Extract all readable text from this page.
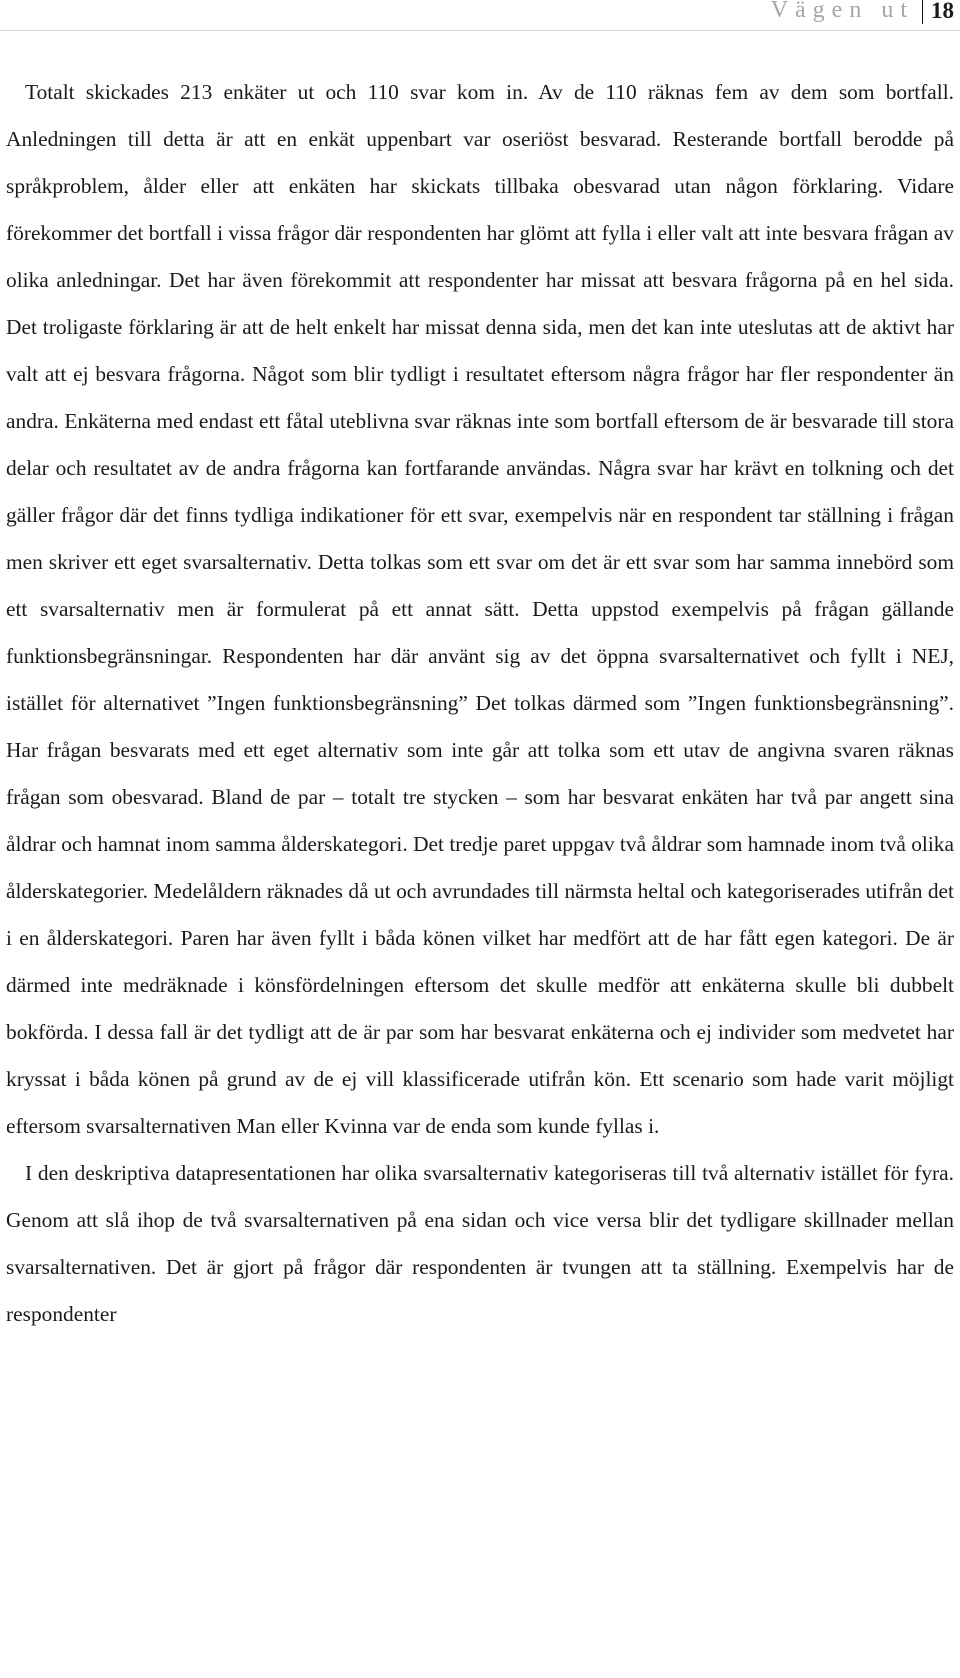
Vägen ut 18

Totalt skickades 213 enkäter ut och 110 svar kom in. Av de 110 räknas fem av dem som bortfall. Anledningen till detta är att en enkät uppenbart var oseriöst besvarad. Resterande bortfall berodde på språkproblem, ålder eller att enkäten har skickats tillbaka obesvarad utan någon förklaring. Vidare förekommer det bortfall i vissa frågor där respondenten har glömt att fylla i eller valt att inte besvara frågan av olika anledningar. Det har även förekommit att respondenter har missat att besvara frågorna på en hel sida. Det troligaste förklaring är att de helt enkelt har missat denna sida, men det kan inte uteslutas att de aktivt har valt att ej besvara frågorna. Något som blir tydligt i resultatet eftersom några frågor har fler respondenter än andra. Enkäterna med endast ett fåtal uteblivna svar räknas inte som bortfall eftersom de är besvarade till stora delar och resultatet av de andra frågorna kan fortfarande användas. Några svar har krävt en tolkning och det gäller frågor där det finns tydliga indikationer för ett svar, exempelvis när en respondent tar ställning i frågan men skriver ett eget svarsalternativ. Detta tolkas som ett svar om det är ett svar som har samma innebörd som ett svarsalternativ men är formulerat på ett annat sätt. Detta uppstod exempelvis på frågan gällande funktionsbegränsningar. Respondenten har där använt sig av det öppna svarsalternativet och fyllt i NEJ, istället för alternativet ”Ingen funktionsbegränsning” Det tolkas därmed som ”Ingen funktionsbegränsning”. Har frågan besvarats med ett eget alternativ som inte går att tolka som ett utav de angivna svaren räknas frågan som obesvarad. Bland de par – totalt tre stycken – som har besvarat enkäten har två par angett sina åldrar och hamnat inom samma ålderskategori. Det tredje paret uppgav två åldrar som hamnade inom två olika ålderskategorier. Medelåldern räknades då ut och avrundades till närmsta heltal och kategoriserades utifrån det i en ålderskategori. Paren har även fyllt i båda könen vilket har medfört att de har fått egen kategori. De är därmed inte medräknade i könsfördelningen eftersom det skulle medför att enkäterna skulle bli dubbelt bokförda. I dessa fall är det tydligt att de är par som har besvarat enkäterna och ej individer som medvetet har kryssat i båda könen på grund av de ej vill klassificerade utifrån kön. Ett scenario som hade varit möjligt eftersom svarsalternativen Man eller Kvinna var de enda som kunde fyllas i.

I den deskriptiva datapresentationen har olika svarsalternativ kategoriseras till två alternativ istället för fyra. Genom att slå ihop de två svarsalternativen på ena sidan och vice versa blir det tydligare skillnader mellan svarsalternativen. Det är gjort på frågor där respondenten är tvungen att ta ställning. Exempelvis har de respondenter
